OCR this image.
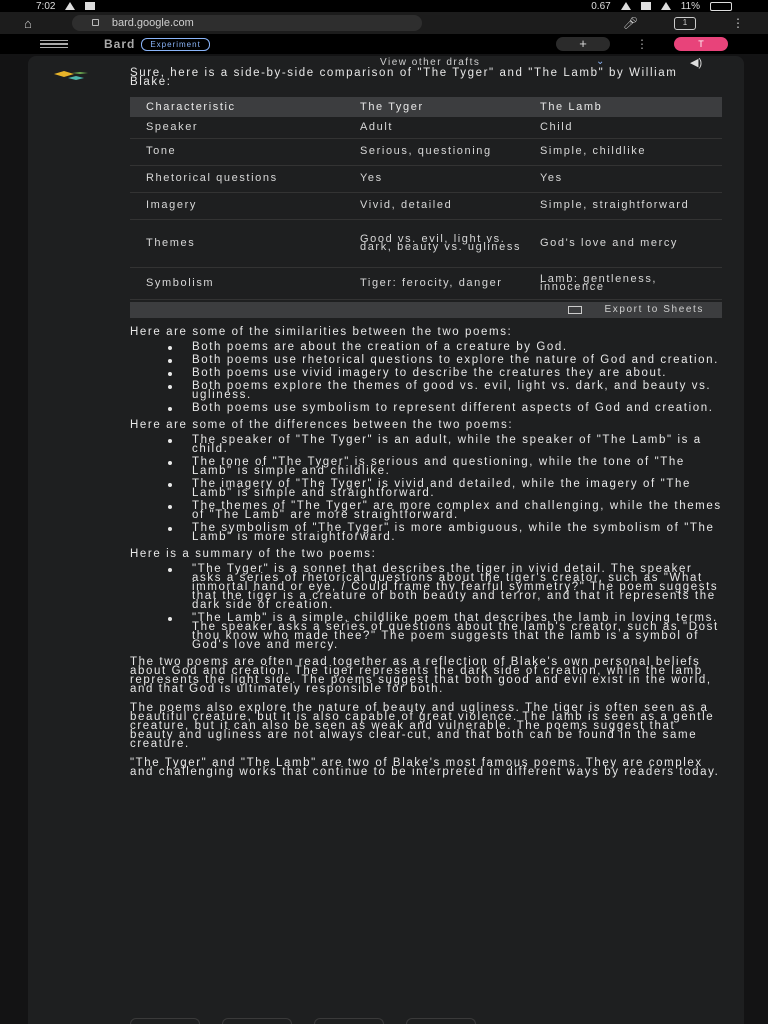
7:02	0.67	11%
⌂	bard.google.com	🎤︎	1	⋮
Bard	Experiment	+	⋮	T
View other drafts	⌄	◀︎)

Sure, here is a side-by-side comparison of "The Tyger" and "The Lamb" by William Blake:

Characteristic	The Tyger	The Lamb
Speaker	Adult	Child
Tone	Serious, questioning	Simple, childlike
Rhetorical questions	Yes	Yes
Imagery	Vivid, detailed	Simple, straightforward
Themes	Good vs. evil, light vs. dark, beauty vs. ugliness	God's love and mercy
Symbolism	Tiger: ferocity, danger	Lamb: gentleness, innocence
Export to Sheets

Here are some of the similarities between the two poems:

Both poems are about the creation of a creature by God.
Both poems use rhetorical questions to explore the nature of God and creation.
Both poems use vivid imagery to describe the creatures they are about.
Both poems explore the themes of good vs. evil, light vs. dark, and beauty vs. ugliness.
Both poems use symbolism to represent different aspects of God and creation.

Here are some of the differences between the two poems:

The speaker of "The Tyger" is an adult, while the speaker of "The Lamb" is a child.
The tone of "The Tyger" is serious and questioning, while the tone of "The Lamb" is simple and childlike.
The imagery of "The Tyger" is vivid and detailed, while the imagery of "The Lamb" is simple and straightforward.
The themes of "The Tyger" are more complex and challenging, while the themes of "The Lamb" are more straightforward.
The symbolism of "The Tyger" is more ambiguous, while the symbolism of "The Lamb" is more straightforward.

Here is a summary of the two poems:

"The Tyger" is a sonnet that describes the tiger in vivid detail. The speaker asks a series of rhetorical questions about the tiger's creator, such as "What immortal hand or eye, / Could frame thy fearful symmetry?" The poem suggests that the tiger is a creature of both beauty and terror, and that it represents the dark side of creation.
"The Lamb" is a simple, childlike poem that describes the lamb in loving terms. The speaker asks a series of questions about the lamb's creator, such as "Dost thou know who made thee?" The poem suggests that the lamb is a symbol of God's love and mercy.

The two poems are often read together as a reflection of Blake's own personal beliefs about God and creation. The tiger represents the dark side of creation, while the lamb represents the light side. The poems suggest that both good and evil exist in the world, and that God is ultimately responsible for both.

The poems also explore the nature of beauty and ugliness. The tiger is often seen as a beautiful creature, but it is also capable of great violence. The lamb is seen as a gentle creature, but it can also be seen as weak and vulnerable. The poems suggest that beauty and ugliness are not always clear-cut, and that both can be found in the same creature.

"The Tyger" and "The Lamb" are two of Blake's most famous poems. They are complex and challenging works that continue to be interpreted in different ways by readers today.
